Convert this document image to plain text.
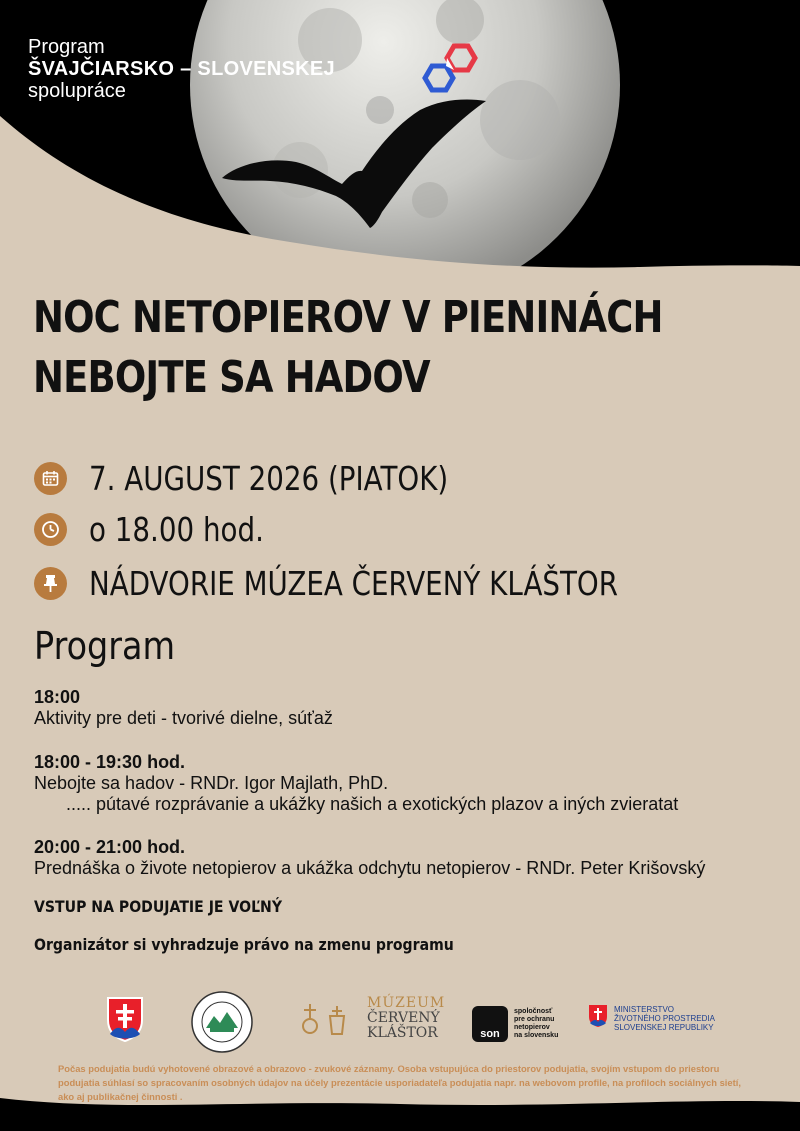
Program
ŠVAJČIARSKO – SLOVENSKEJ
spolupráce
NOC NETOPIEROV V PIENINÁCH
NEBOJTE SA HADOV
7. AUGUST 2026 (PIATOK)
o 18.00 hod.
NÁDVORIE MÚZEA ČERVENÝ KLÁŠTOR
Program
18:00
Aktivity pre deti - tvorivé dielne, súťaž
18:00 - 19:30 hod.
Nebojte sa hadov - RNDr. Igor Majlath, PhD.
..... pútavé rozprávanie a ukážky našich a exotických plazov a iných zvieratat
20:00 - 21:00 hod.
Prednáška o živote netopierov a ukážka odchytu netopierov - RNDr. Peter Krišovský
VSTUP NA PODUJATIE JE VOĽNÝ
Organizátor si vyhradzuje právo na zmenu programu
MÚZEUM
ČERVENÝ
KLÁŠTOR	son
spoločnosť
pre ochranu
netopierov
na slovensku
MINISTERSTVO
ŽIVOTNÉHO PROSTREDIA
SLOVENSKEJ REPUBLIKY
Počas podujatia budú vyhotovené obrazové a obrazovo - zvukové záznamy. Osoba vstupujúca do priestorov podujatia, svojím vstupom do priestoru podujatia súhlasí so spracovaním osobných údajov na účely prezentácie usporiadateľa podujatia napr. na webovom profile, na profiloch sociálnych sietí, ako aj publikačnej činnosti .
